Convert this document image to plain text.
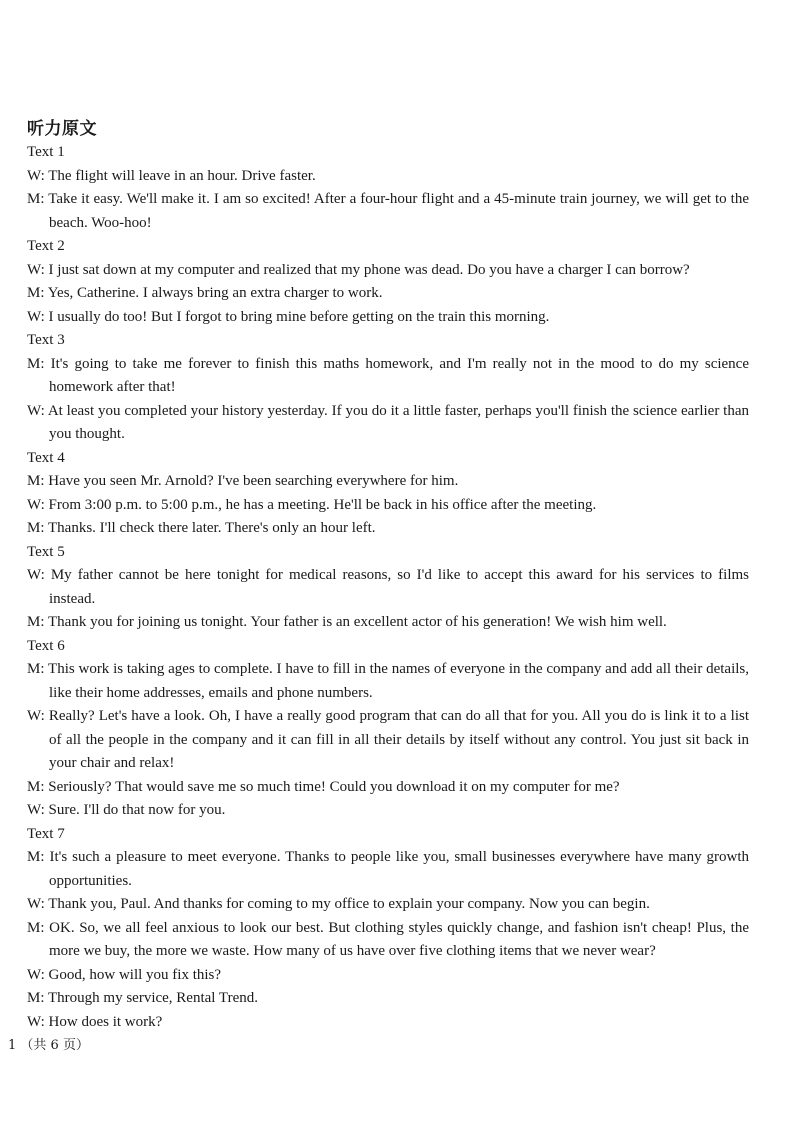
听力原文
Text 1
W: The flight will leave in an hour. Drive faster.
M: Take it easy. We'll make it. I am so excited! After a four-hour flight and a 45-minute train journey, we will get to the beach. Woo-hoo!
Text 2
W: I just sat down at my computer and realized that my phone was dead. Do you have a charger I can borrow?
M: Yes, Catherine. I always bring an extra charger to work.
W: I usually do too! But I forgot to bring mine before getting on the train this morning.
Text 3
M: It's going to take me forever to finish this maths homework, and I'm really not in the mood to do my science homework after that!
W: At least you completed your history yesterday. If you do it a little faster, perhaps you'll finish the science earlier than you thought.
Text 4
M: Have you seen Mr. Arnold? I've been searching everywhere for him.
W: From 3:00 p.m. to 5:00 p.m., he has a meeting. He'll be back in his office after the meeting.
M: Thanks. I'll check there later. There's only an hour left.
Text 5
W: My father cannot be here tonight for medical reasons, so I'd like to accept this award for his services to films instead.
M: Thank you for joining us tonight. Your father is an excellent actor of his generation! We wish him well.
Text 6
M: This work is taking ages to complete. I have to fill in the names of everyone in the company and add all their details, like their home addresses, emails and phone numbers.
W: Really? Let's have a look. Oh, I have a really good program that can do all that for you. All you do is link it to a list of all the people in the company and it can fill in all their details by itself without any control. You just sit back in your chair and relax!
M: Seriously? That would save me so much time! Could you download it on my computer for me?
W: Sure. I'll do that now for you.
Text 7
M: It's such a pleasure to meet everyone. Thanks to people like you, small businesses everywhere have many growth opportunities.
W: Thank you, Paul. And thanks for coming to my office to explain your company. Now you can begin.
M: OK. So, we all feel anxious to look our best. But clothing styles quickly change, and fashion isn't cheap! Plus, the more we buy, the more we waste. How many of us have over five clothing items that we never wear?
W: Good, how will you fix this?
M: Through my service, Rental Trend.
W: How does it work?
1 （共 6 页）
